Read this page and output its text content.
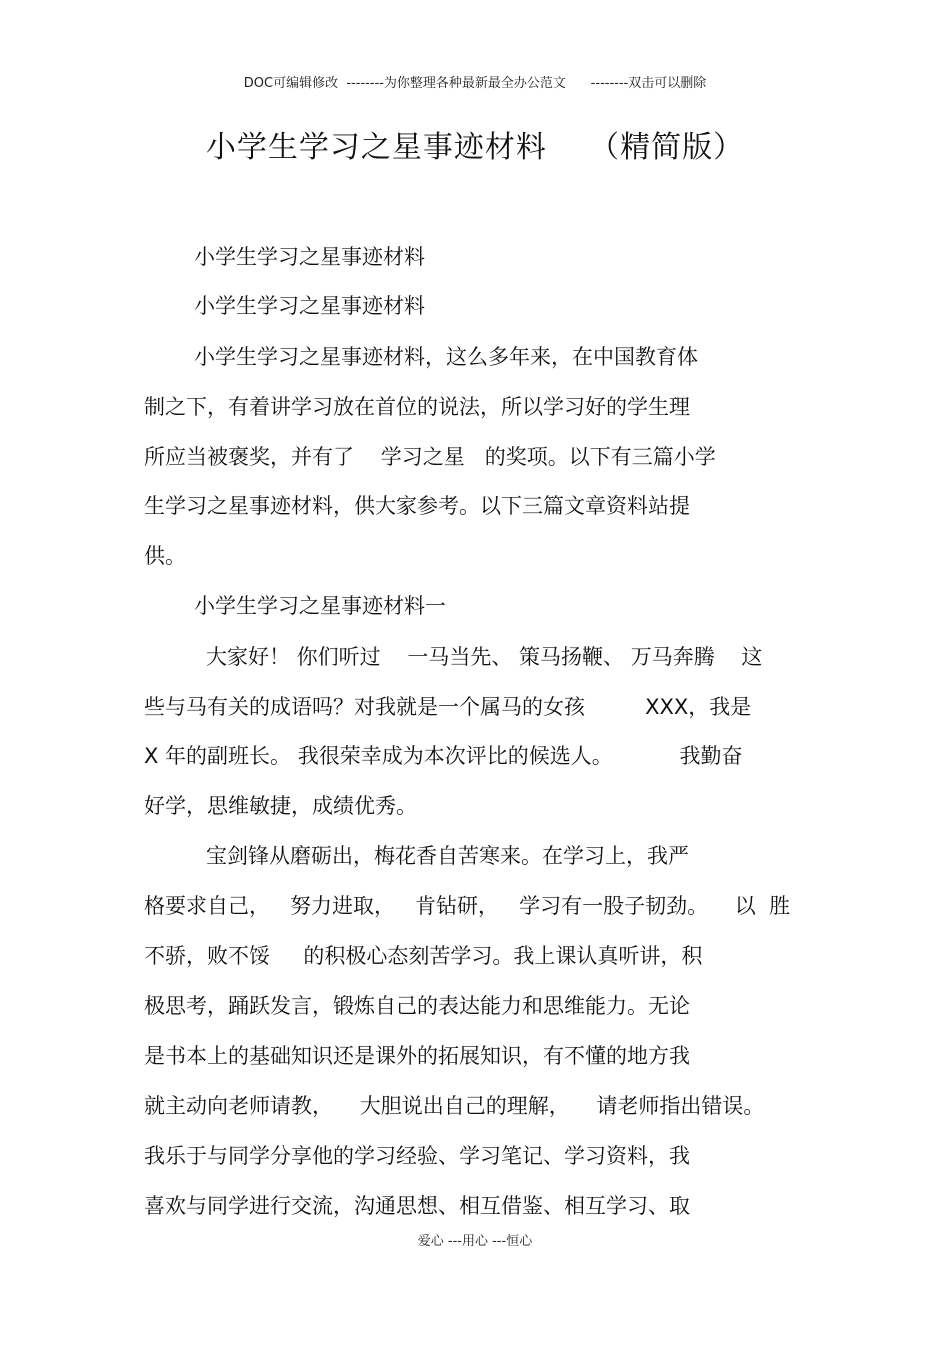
DOC可编辑修改  --------为你整理各种最新最全办公范文      --------双击可以删除
小学生学习之星事迹材料    （精简版）
小学生学习之星事迹材料
小学生学习之星事迹材料
小学生学习之星事迹材料，这么多年来，在中国教育体
制之下，有着讲学习放在首位的说法，所以学习好的学生理
所应当被褒奖，并有了    学习之星   的奖项。以下有三篇小学
生学习之星事迹材料，供大家参考。以下三篇文章资料站提
供。
小学生学习之星事迹材料一
大家好！ 你们听过    一马当先、 策马扬鞭、 万马奔腾    这
些与马有关的成语吗？对我就是一个属马的女孩         XXX，我是
X 年的副班长。 我很荣幸成为本次评比的候选人。          我勤奋
好学，思维敏捷，成绩优秀。
宝剑锋从磨砺出，梅花香自苦寒来。在学习上，我严
格要求自己，   努力进取，   肯钻研，   学习有一股子韧劲。    以  胜
不骄，败不馁     的积极心态刻苦学习。我上课认真听讲，积
极思考，踊跃发言，锻炼自己的表达能力和思维能力。无论
是书本上的基础知识还是课外的拓展知识，有不懂的地方我
就主动向老师请教，    大胆说出自己的理解，    请老师指出错误。
我乐于与同学分享他的学习经验、学习笔记、学习资料，我
喜欢与同学进行交流，沟通思想、相互借鉴、相互学习、取
爱心 ---用心 ---恒心
